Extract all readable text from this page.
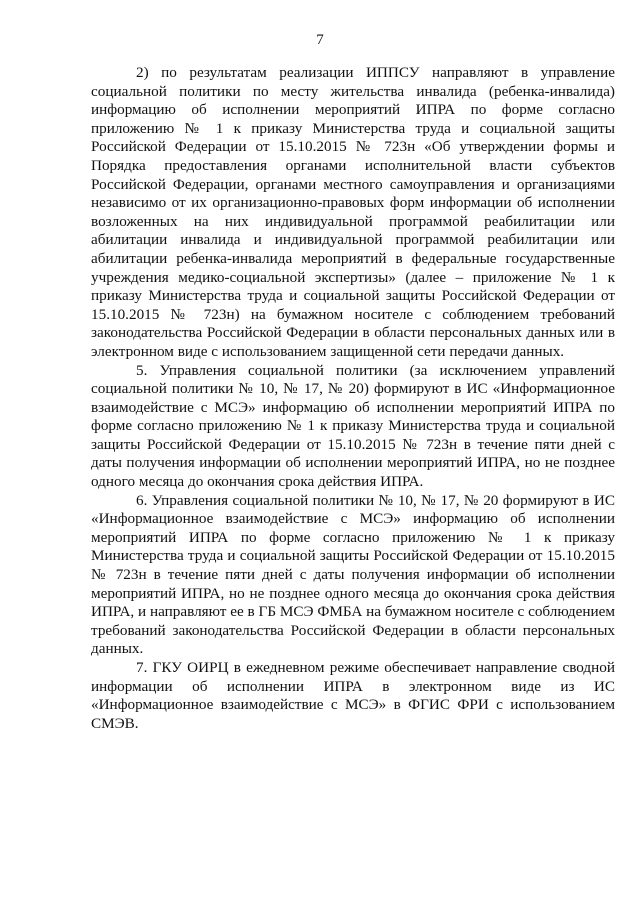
7

2) по результатам реализации ИППСУ направляют в управление социальной политики по месту жительства инвалида (ребенка-инвалида) информацию об исполнении мероприятий ИПРА по форме согласно приложению № 1 к приказу Министерства труда и социальной защиты Российской Федерации от 15.10.2015 № 723н «Об утверждении формы и Порядка предоставления органами исполнительной власти субъектов Российской Федерации, органами местного самоуправления и организациями независимо от их организационно-правовых форм информации об исполнении возложенных на них индивидуальной программой реабилитации или абилитации инвалида и индивидуальной программой реабилитации или абилитации ребенка-инвалида мероприятий в федеральные государственные учреждения медико-социальной экспертизы» (далее – приложение № 1 к приказу Министерства труда и социальной защиты Российской Федерации от 15.10.2015 № 723н) на бумажном носителе с соблюдением требований законодательства Российской Федерации в области персональных данных или в электронном виде с использованием защищенной сети передачи данных.

5. Управления социальной политики (за исключением управлений социальной политики № 10, № 17, № 20) формируют в ИС «Информационное взаимодействие с МСЭ» информацию об исполнении мероприятий ИПРА по форме согласно приложению № 1 к приказу Министерства труда и социальной защиты Российской Федерации от 15.10.2015 № 723н в течение пяти дней с даты получения информации об исполнении мероприятий ИПРА, но не позднее одного месяца до окончания срока действия ИПРА.

6. Управления социальной политики № 10, № 17, № 20 формируют в ИС «Информационное взаимодействие с МСЭ» информацию об исполнении мероприятий ИПРА по форме согласно приложению № 1 к приказу Министерства труда и социальной защиты Российской Федерации от 15.10.2015 № 723н в течение пяти дней с даты получения информации об исполнении мероприятий ИПРА, но не позднее одного месяца до окончания срока действия ИПРА, и направляют ее в ГБ МСЭ ФМБА на бумажном носителе с соблюдением требований законодательства Российской Федерации в области персональных данных.

7. ГКУ ОИРЦ в ежедневном режиме обеспечивает направление сводной информации об исполнении ИПРА в электронном виде из ИС «Информационное взаимодействие с МСЭ» в ФГИС ФРИ с использованием СМЭВ.
